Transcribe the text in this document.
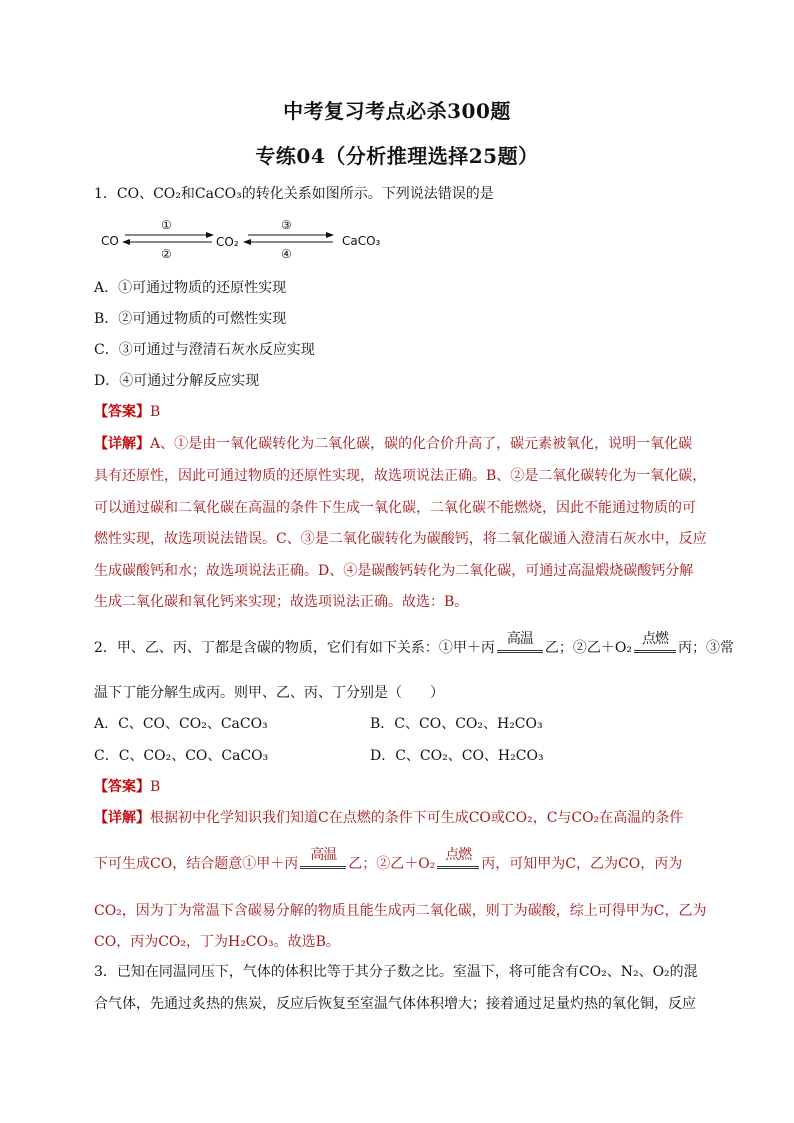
中考复习考点必杀300题
专练04（分析推理选择25题）
1．CO、CO₂和CaCO₃的转化关系如图所示。下列说法错误的是
CO
①
②
CO₂
③
④
CaCO₃
A．①可通过物质的还原性实现
B．②可通过物质的可燃性实现
C．③可通过与澄清石灰水反应实现
D．④可通过分解反应实现
【答案】B
【详解】A、①是由一氧化碳转化为二氧化碳，碳的化合价升高了，碳元素被氧化，说明一氧化碳
具有还原性，因此可通过物质的还原性实现，故选项说法正确。B、②是二氧化碳转化为一氧化碳，
可以通过碳和二氧化碳在高温的条件下生成一氧化碳，二氧化碳不能燃烧，因此不能通过物质的可
燃性实现，故选项说法错误。C、③是二氧化碳转化为碳酸钙，将二氧化碳通入澄清石灰水中，反应
生成碳酸钙和水；故选项说法正确。D、④是碳酸钙转化为二氧化碳，可通过高温煅烧碳酸钙分解
生成二氧化碳和氧化钙来实现；故选项说法正确。故选：B。
2．甲、乙、丙、丁都是含碳的物质，它们有如下关系：①甲＋丙
高温
乙；②乙＋O₂
点燃
丙；③常
温下丁能分解生成丙。则甲、乙、丙、丁分别是（　　）
A．C、CO、CO₂、CaCO₃	B．C、CO、CO₂、H₂CO₃
C．C、CO₂、CO、CaCO₃	D．C、CO₂、CO、H₂CO₃
【答案】B
【详解】根据初中化学知识我们知道C在点燃的条件下可生成CO或CO₂，C与CO₂在高温的条件
下可生成CO，结合题意①甲＋丙
高温
乙；②乙＋O₂
点燃
丙，可知甲为C，乙为CO，丙为
CO₂，因为丁为常温下含碳易分解的物质且能生成丙二氧化碳，则丁为碳酸，综上可得甲为C，乙为
CO，丙为CO₂，丁为H₂CO₃。故选B。
3．已知在同温同压下，气体的体积比等于其分子数之比。室温下，将可能含有CO₂、N₂、O₂的混
合气体，先通过炙热的焦炭，反应后恢复至室温气体体积增大；接着通过足量灼热的氧化铜，反应
